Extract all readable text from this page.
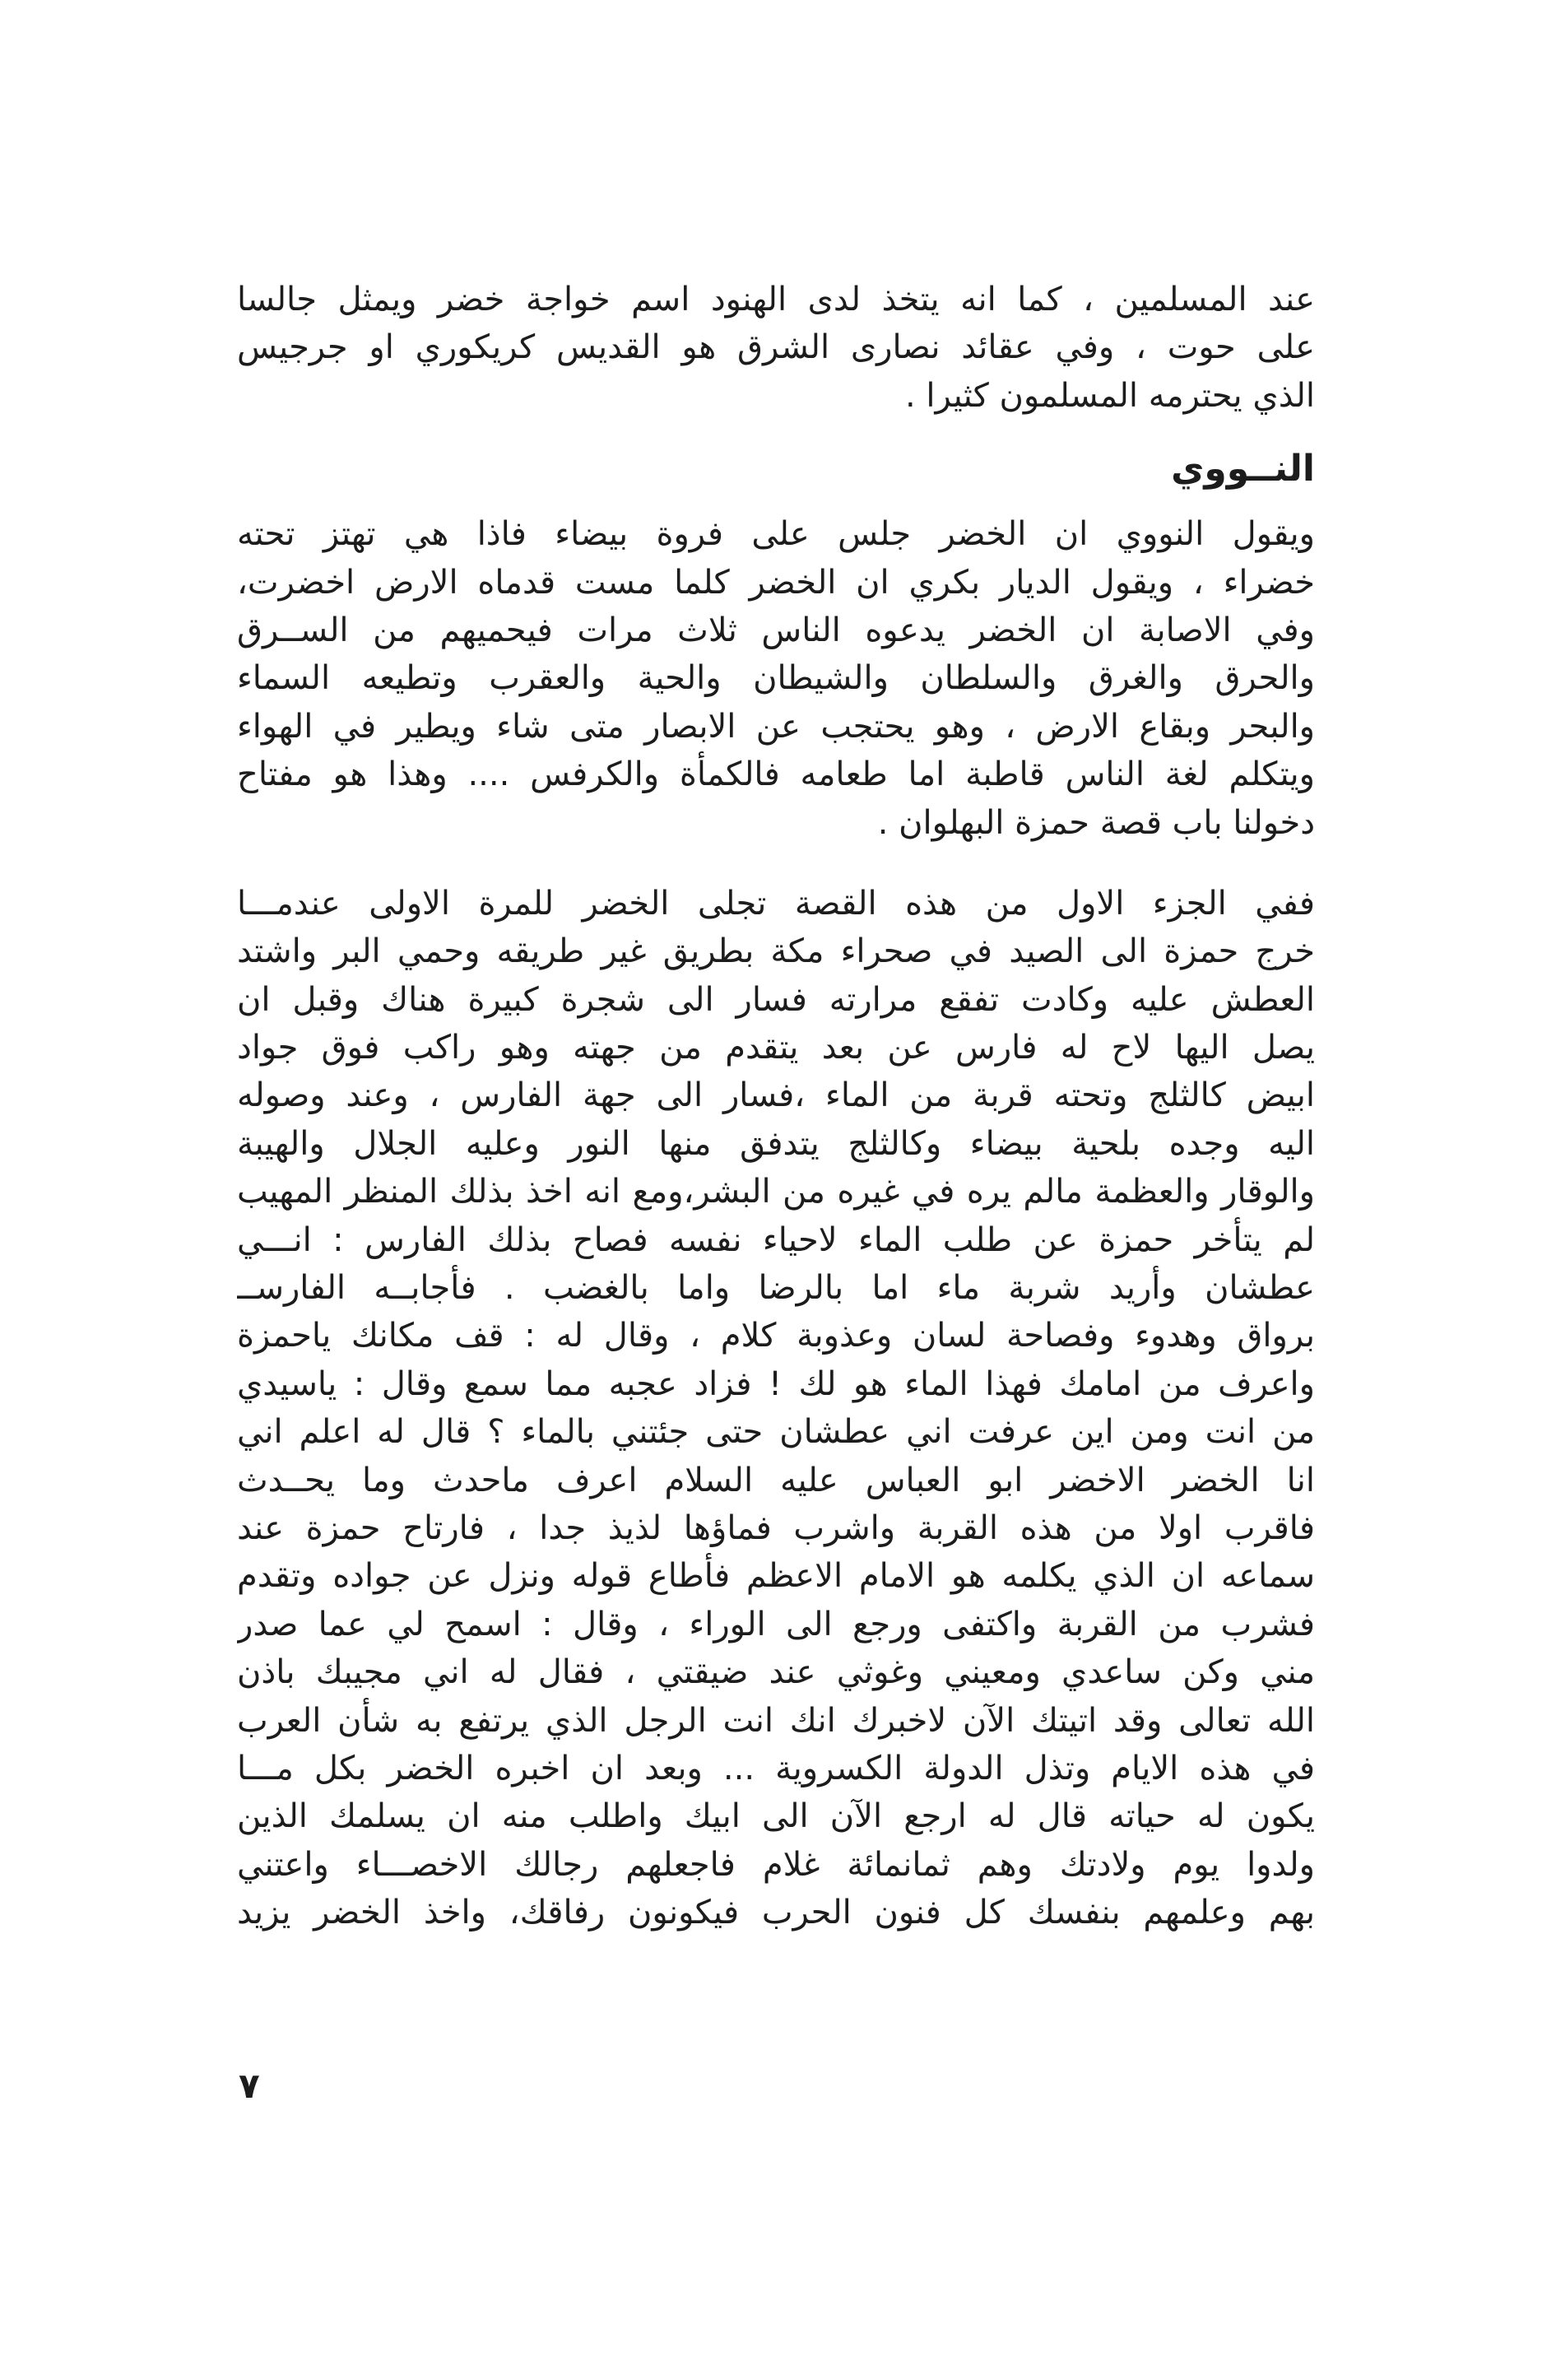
عند المسلمين ، كما انه يتخذ لدى الهنود اسم خواجة خضر ويمثل جالسا
على حوت ، وفي عقائد نصارى الشرق هو القديس كريكوري او جرجيس
الذي يحترمه المسلمون كثيرا .
النــووي
ويقول النووي ان الخضر جلس على فروة بيضاء فاذا هي تهتز تحته
خضراء ، ويقول الديار بكري ان الخضر كلما مست قدماه الارض اخضرت،
وفي الاصابة ان الخضر يدعوه الناس ثلاث مرات فيحميهم من الســرق
والحرق والغرق والسلطان والشيطان والحية والعقرب وتطيعه السماء
والبحر وبقاع الارض ، وهو يحتجب عن الابصار متى شاء ويطير في الهواء
ويتكلم لغة الناس قاطبة اما طعامه فالكمأة والكرفس .... وهذا هو مفتاح
دخولنا باب قصة حمزة البهلوان .
ففي الجزء الاول من هذه القصة تجلى الخضر للمرة الاولى عندمـــا
خرج حمزة الى الصيد في صحراء مكة بطريق غير طريقه وحمي البر واشتد
العطش عليه وكادت تفقع مرارته فسار الى شجرة كبيرة هناك وقبل ان
يصل اليها لاح له فارس عن بعد يتقدم من جهته وهو راكب فوق جواد
ابيض كالثلج وتحته قربة من الماء ،فسار الى جهة الفارس ، وعند وصوله
اليه وجده بلحية بيضاء وكالثلج يتدفق منها النور وعليه الجلال والهيبة
والوقار والعظمة مالم يره في غيره من البشر،ومع انه اخذ بذلك المنظر المهيب
لم يتأخر حمزة عن طلب الماء لاحياء نفسه فصاح بذلك الفارس : انـــي
عطشان وأريد شربة ماء اما بالرضا واما بالغضب . فأجابــه الفارســ
برواق وهدوء وفصاحة لسان وعذوبة كلام ، وقال له : قف مكانك ياحمزة
واعرف من امامك فهذا الماء هو لك ! فزاد عجبه مما سمع وقال : ياسيدي
من انت ومن اين عرفت اني عطشان حتى جئتني بالماء ؟ قال له اعلم اني
انا الخضر الاخضر ابو العباس عليه السلام اعرف ماحدث وما يحــدث
فاقرب اولا من هذه القربة واشرب فماؤها لذيذ جدا ، فارتاح حمزة عند
سماعه ان الذي يكلمه هو الامام الاعظم فأطاع قوله ونزل عن جواده وتقدم
فشرب من القربة واكتفى ورجع الى الوراء ، وقال : اسمح لي عما صدر
مني وكن ساعدي ومعيني وغوثي عند ضيقتي ، فقال له اني مجيبك باذن
الله تعالى وقد اتيتك الآن لاخبرك انك انت الرجل الذي يرتفع به شأن العرب
في هذه الايام وتذل الدولة الكسروية ... وبعد ان اخبره الخضر بكل مـــا
يكون له حياته قال له ارجع الآن الى ابيك واطلب منه ان يسلمك الذين
ولدوا يوم ولادتك وهم ثمانمائة غلام فاجعلهم رجالك الاخصـــاء واعتني
بهم وعلمهم بنفسك كل فنون الحرب فيكونون رفاقك، واخذ الخضر يزيد
٧
